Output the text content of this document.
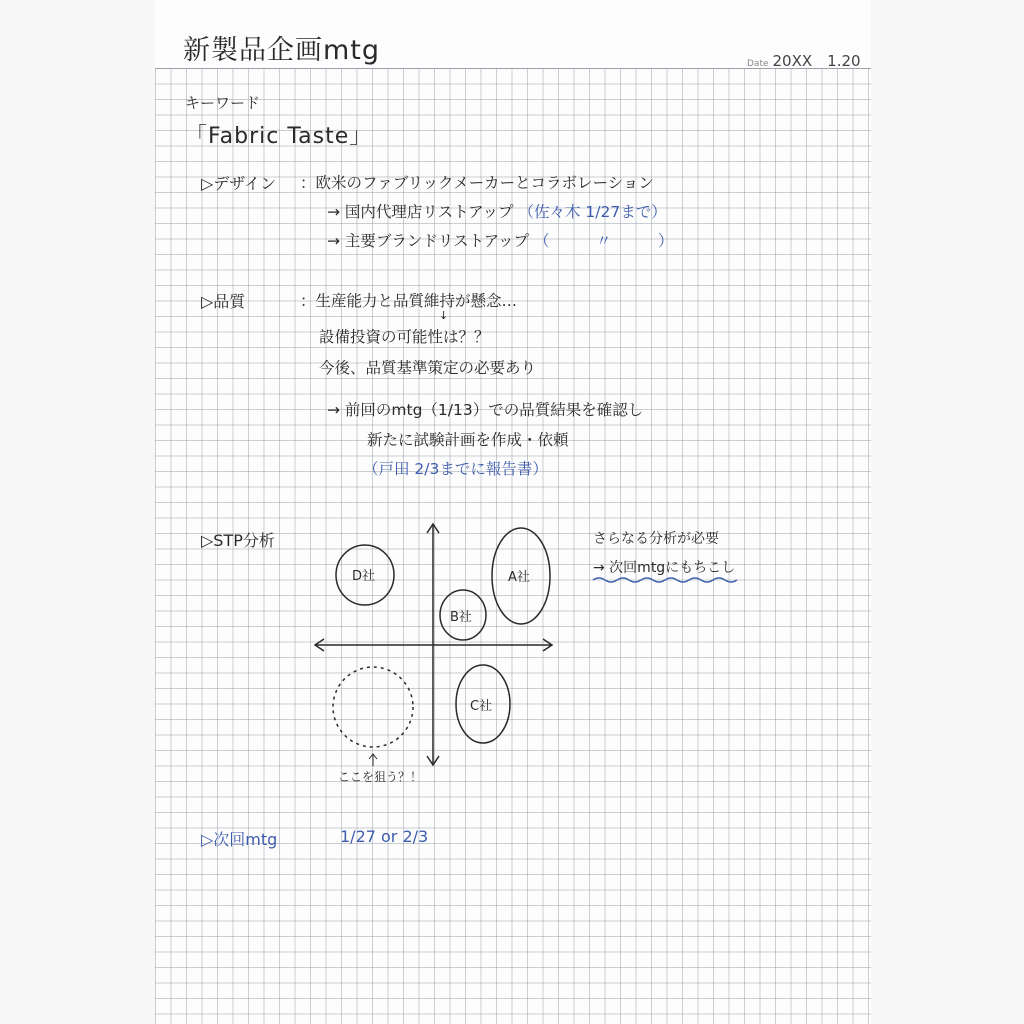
新製品企画mtg	Date 20XX　1.20
キーワード
「Fabric Taste」
▷デザイン ：欧米のファブリックメーカーとコラボレーション
→ 国内代理店リストアップ （佐々木 1/27まで）
→ 主要ブランドリストアップ （　　　〃　　　）
▷品質	：生産能力と品質維持が懸念…
↓
設備投資の可能性は？？
今後、品質基準策定の必要あり
→ 前回のmtg（1/13）での品質結果を確認し
新たに試験計画を作成・依頼
（戸田 2/3までに報告書）
▷STP分析
D社	A社
B社
C社
ここを狙う？！
さらなる分析が必要
→ 次回mtgにもちこし
▷次回mtg	1/27 or 2/3
